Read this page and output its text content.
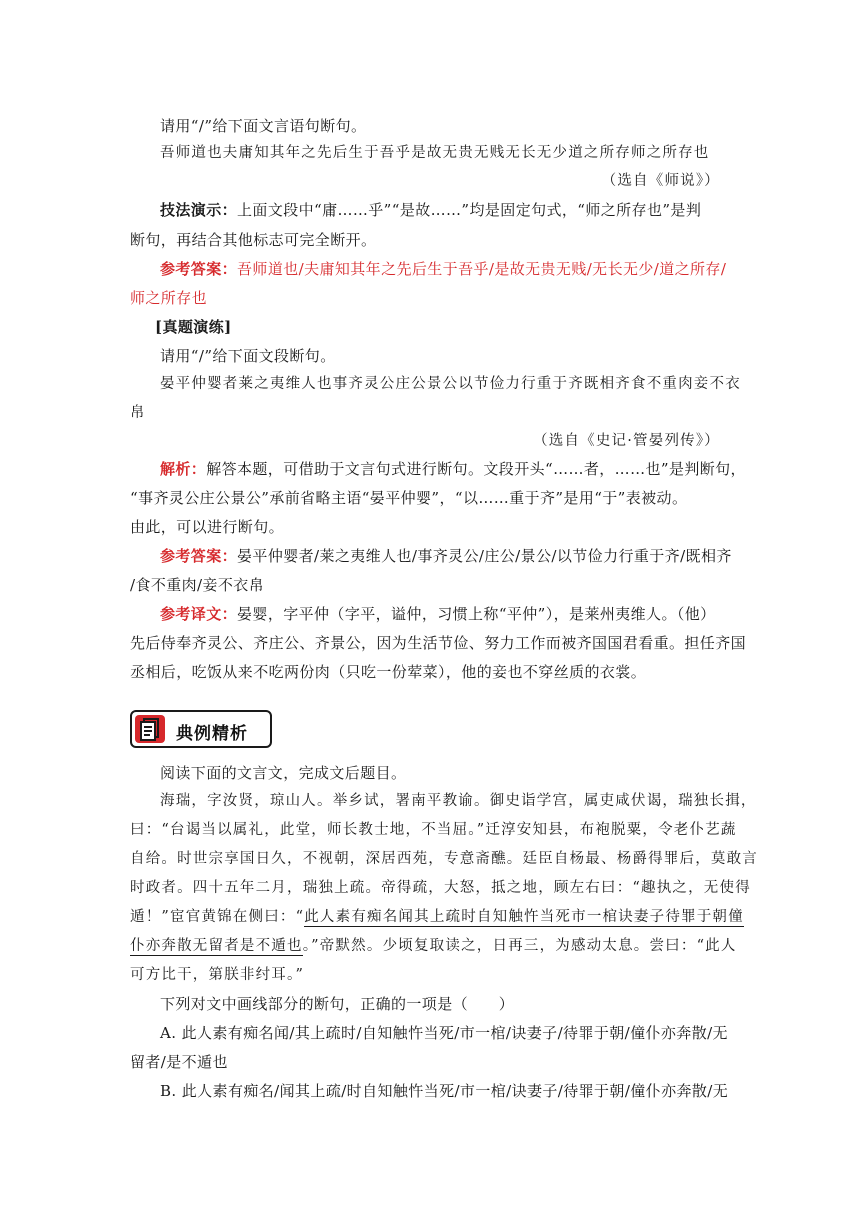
请用“/”给下面文言语句断句。
吾师道也夫庸知其年之先后生于吾乎是故无贵无贱无长无少道之所存师之所存也
（选自《师说》）
技法演示：上面文段中“庸……乎”“是故……”均是固定句式，“师之所存也”是判
断句，再结合其他标志可完全断开。
参考答案：吾师道也/夫庸知其年之先后生于吾乎/是故无贵无贱/无长无少/道之所存/
师之所存也
[真题演练]
请用“/”给下面文段断句。
晏平仲婴者莱之夷维人也事齐灵公庄公景公以节俭力行重于齐既相齐食不重肉妾不衣
帛
（选自《史记·管晏列传》）
解析：解答本题，可借助于文言句式进行断句。文段开头“……者，……也”是判断句，
“事齐灵公庄公景公”承前省略主语“晏平仲婴”，“以……重于齐”是用“于”表被动。
由此，可以进行断句。
参考答案：晏平仲婴者/莱之夷维人也/事齐灵公/庄公/景公/以节俭力行重于齐/既相齐
/食不重肉/妾不衣帛
参考译文：晏婴，字平仲（字平，谥仲，习惯上称“平仲”），是莱州夷维人。（他）
先后侍奉齐灵公、齐庄公、齐景公，因为生活节俭、努力工作而被齐国国君看重。担任齐国
丞相后，吃饭从来不吃两份肉（只吃一份荤菜），他的妾也不穿丝质的衣裳。
典例精析
阅读下面的文言文，完成文后题目。
海瑞，字汝贤，琼山人。举乡试，署南平教谕。御史诣学宫，属吏咸伏谒，瑞独长揖，
曰：“台谒当以属礼，此堂，师长教士地，不当屈。”迁淳安知县，布袍脱粟，令老仆艺蔬
自给。时世宗享国日久，不视朝，深居西苑，专意斋醮。廷臣自杨最、杨爵得罪后，莫敢言
时政者。四十五年二月，瑞独上疏。帝得疏，大怒，抵之地，顾左右曰：“趣执之，无使得
遁！”宦官黄锦在侧曰：“此人素有痴名闻其上疏时自知触忤当死市一棺诀妻子待罪于朝僮
仆亦奔散无留者是不遁也。”帝默然。少顷复取读之，日再三，为感动太息。尝曰：“此人
可方比干，第朕非纣耳。”
下列对文中画线部分的断句，正确的一项是（　　）
A. 此人素有痴名闻/其上疏时/自知触忤当死/市一棺/诀妻子/待罪于朝/僮仆亦奔散/无
留者/是不遁也
B. 此人素有痴名/闻其上疏/时自知触忤当死/市一棺/诀妻子/待罪于朝/僮仆亦奔散/无
